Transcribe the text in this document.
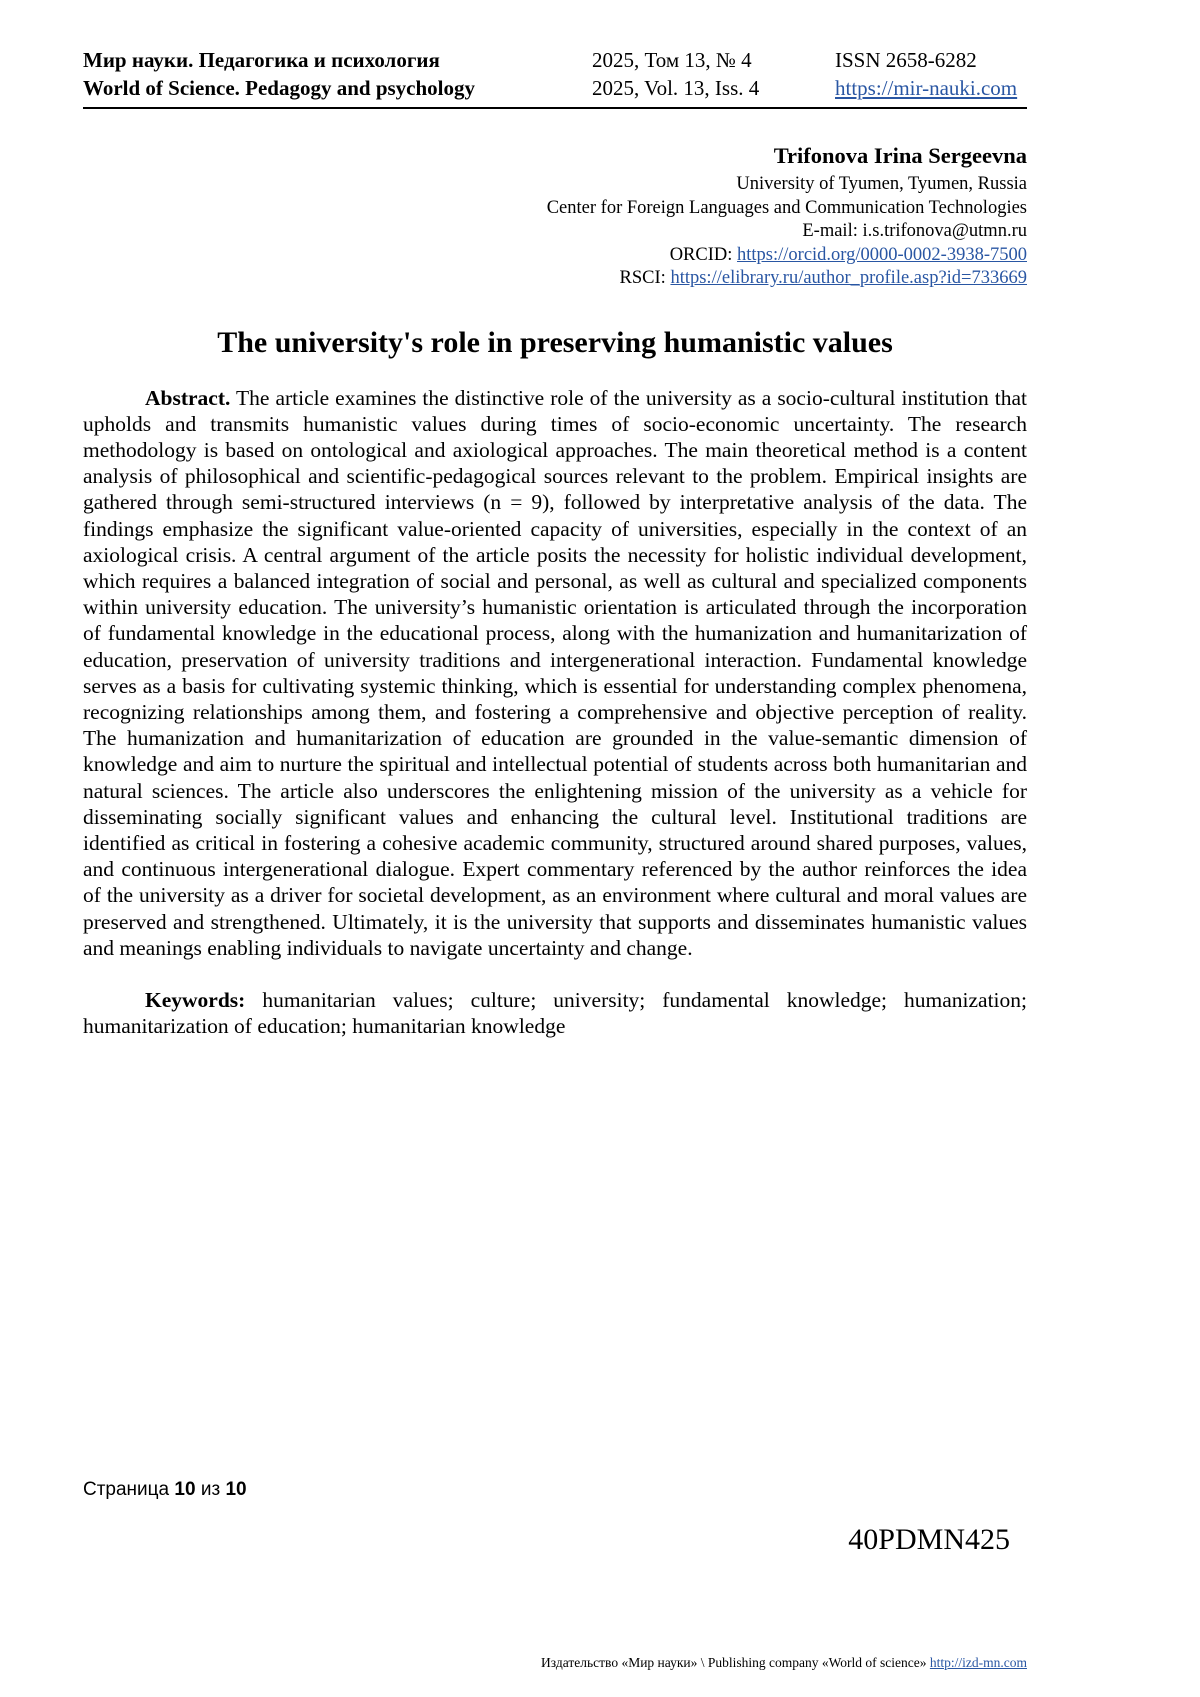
Мир науки. Педагогика и психология
World of Science. Pedagogy and psychology
2025, Том 13, № 4
2025, Vol. 13, Iss. 4
ISSN 2658-6282
https://mir-nauki.com
Trifonova Irina Sergeevna
University of Tyumen, Tyumen, Russia
Center for Foreign Languages and Communication Technologies
E-mail: i.s.trifonova@utmn.ru
ORCID: https://orcid.org/0000-0002-3938-7500
RSCI: https://elibrary.ru/author_profile.asp?id=733669
The university's role in preserving humanistic values

Abstract. The article examines the distinctive role of the university as a socio-cultural institution that upholds and transmits humanistic values during times of socio-economic uncertainty. The research methodology is based on ontological and axiological approaches. The main theoretical method is a content analysis of philosophical and scientific-pedagogical sources relevant to the problem. Empirical insights are gathered through semi-structured interviews (n = 9), followed by interpretative analysis of the data. The findings emphasize the significant value-oriented capacity of universities, especially in the context of an axiological crisis. A central argument of the article posits the necessity for holistic individual development, which requires a balanced integration of social and personal, as well as cultural and specialized components within university education. The university’s humanistic orientation is articulated through the incorporation of fundamental knowledge in the educational process, along with the humanization and humanitarization of education, preservation of university traditions and intergenerational interaction. Fundamental knowledge serves as a basis for cultivating systemic thinking, which is essential for understanding complex phenomena, recognizing relationships among them, and fostering a comprehensive and objective perception of reality. The humanization and humanitarization of education are grounded in the value-semantic dimension of knowledge and aim to nurture the spiritual and intellectual potential of students across both humanitarian and natural sciences. The article also underscores the enlightening mission of the university as a vehicle for disseminating socially significant values and enhancing the cultural level. Institutional traditions are identified as critical in fostering a cohesive academic community, structured around shared purposes, values, and continuous intergenerational dialogue. Expert commentary referenced by the author reinforces the idea of the university as a driver for societal development, as an environment where cultural and moral values are preserved and strengthened. Ultimately, it is the university that supports and disseminates humanistic values and meanings enabling individuals to navigate uncertainty and change.

Keywords: humanitarian values; culture; university; fundamental knowledge; humanization; humanitarization of education; humanitarian knowledge

Страница 10 из 10
40PDMN425
Издательство «Мир науки» \ Publishing company «World of science» http://izd-mn.com
